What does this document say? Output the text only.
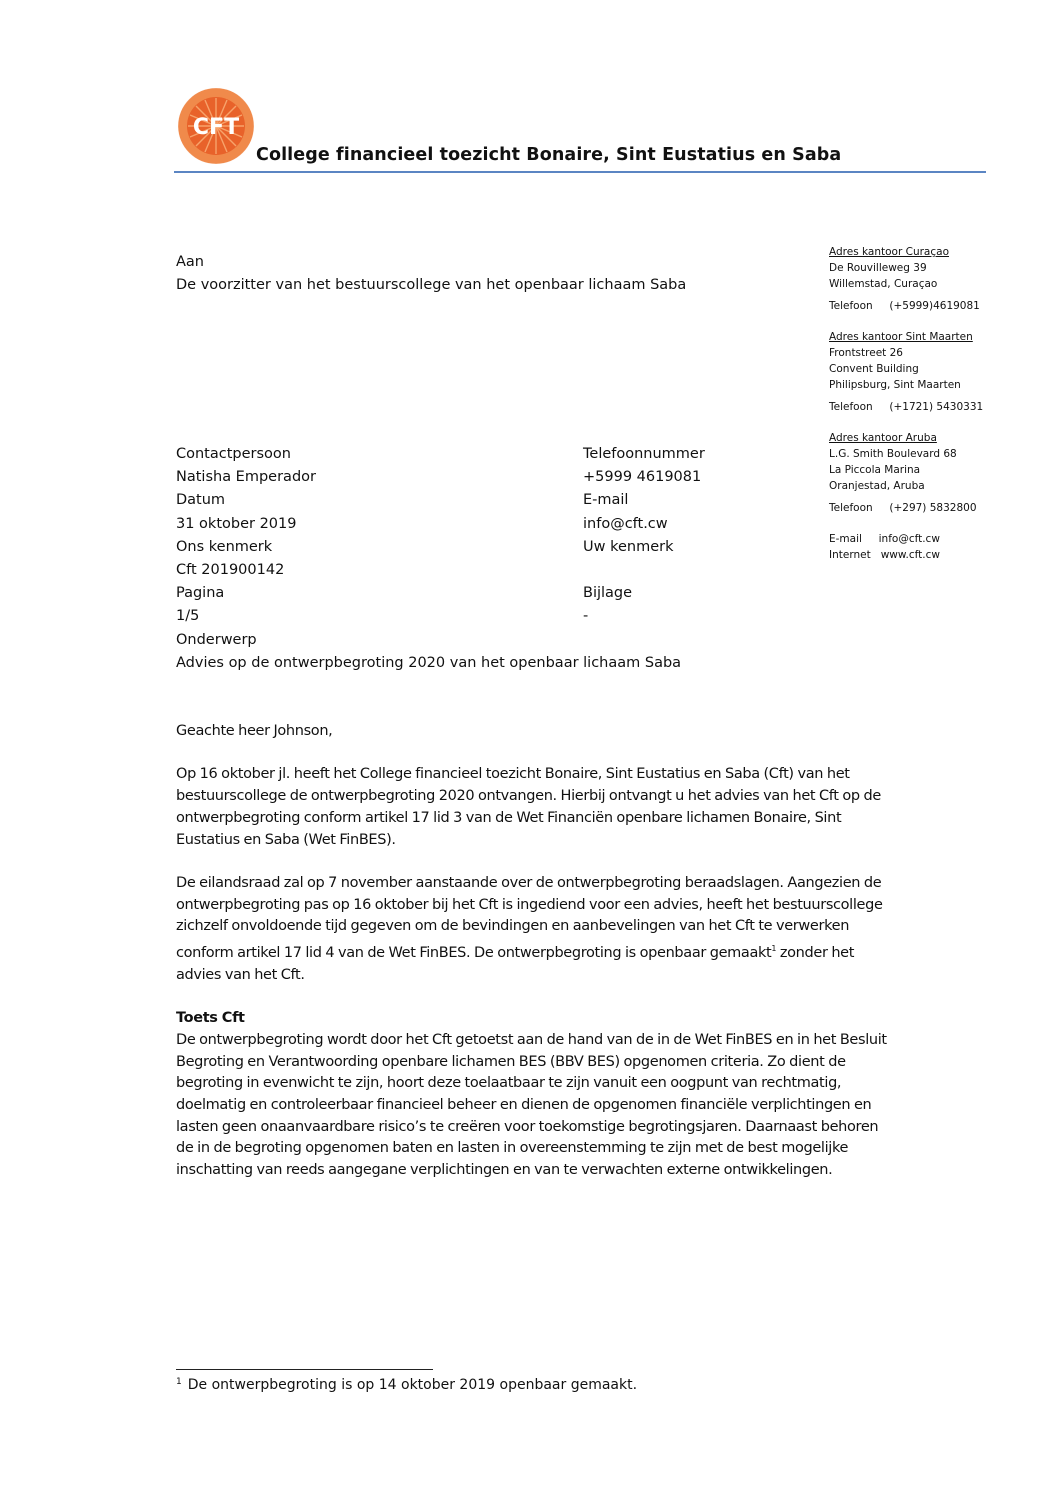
CFT
College financieel toezicht Bonaire, Sint Eustatius en Saba
Aan
De voorzitter van het bestuurscollege van het openbaar lichaam Saba
Adres kantoor Curaçao
De Rouvilleweg 39
Willemstad, Curaçao
Telefoon (+5999)4619081
Adres kantoor Sint Maarten
Frontstreet 26
Convent Building
Philipsburg, Sint Maarten
Telefoon (+1721) 5430331
Adres kantoor Aruba
L.G. Smith Boulevard 68
La Piccola Marina
Oranjestad, Aruba
Telefoon (+297) 5832800
E-mail info@cft.cw
Internet www.cft.cw
Contactpersoon	Telefoonnummer
Natisha Emperador	+5999 4619081
Datum	E-mail
31 oktober 2019	info@cft.cw
Ons kenmerk	Uw kenmerk
Cft 201900142
Pagina	Bijlage
1/5	-
Onderwerp
Advies op de ontwerpbegroting 2020 van het openbaar lichaam Saba

Geachte heer Johnson,

Op 16 oktober jl. heeft het College financieel toezicht Bonaire, Sint Eustatius en Saba (Cft) van het bestuurscollege de ontwerpbegroting 2020 ontvangen. Hierbij ontvangt u het advies van het Cft op de ontwerpbegroting conform artikel 17 lid 3 van de Wet Financiën openbare lichamen Bonaire, Sint Eustatius en Saba (Wet FinBES).

De eilandsraad zal op 7 november aanstaande over de ontwerpbegroting beraadslagen. Aangezien de ontwerpbegroting pas op 16 oktober bij het Cft is ingediend voor een advies, heeft het bestuurscollege zichzelf onvoldoende tijd gegeven om de bevindingen en aanbevelingen van het Cft te verwerken conform artikel 17 lid 4 van de Wet FinBES. De ontwerpbegroting is openbaar gemaakt$^1$ zonder het advies van het Cft.

Toets Cft

De ontwerpbegroting wordt door het Cft getoetst aan de hand van de in de Wet FinBES en in het Besluit Begroting en Verantwoording openbare lichamen BES (BBV BES) opgenomen criteria. Zo dient de begroting in evenwicht te zijn, hoort deze toelaatbaar te zijn vanuit een oogpunt van rechtmatig, doelmatig en controleerbaar financieel beheer en dienen de opgenomen financiële verplichtingen en lasten geen onaanvaardbare risico’s te creëren voor toekomstige begrotingsjaren. Daarnaast behoren de in de begroting opgenomen baten en lasten in overeenstemming te zijn met de best mogelijke inschatting van reeds aangegane verplichtingen en van te verwachten externe ontwikkelingen.

$^1$ De ontwerpbegroting is op 14 oktober 2019 openbaar gemaakt.
